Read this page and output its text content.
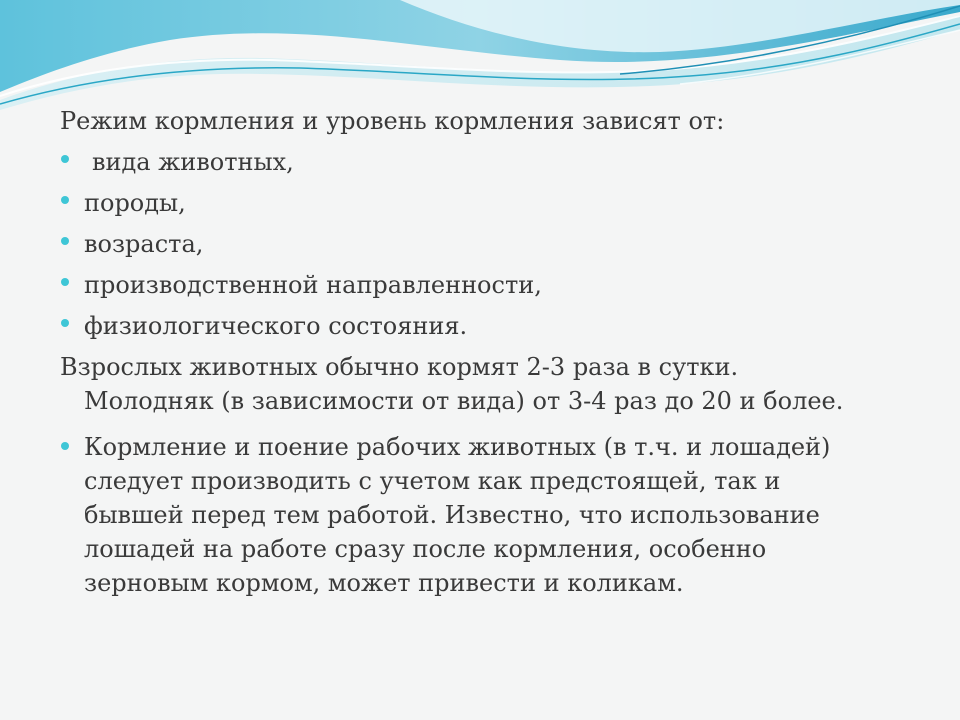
Режим кормления и уровень кормления зависят от:

вида животных,
породы,
возраста,
производственной направленности,
физиологического состояния.

Взрослых животных обычно кормят 2-3 раза в сутки.

Молодняк (в зависимости от вида) от 3-4 раз до 20 и более.

Кормление и поение рабочих животных (в т.ч. и лошадей)

следует производить с учетом как предстоящей, так и

бывшей перед тем работой. Известно, что использование

лошадей на работе сразу после кормления, особенно

зерновым кормом, может привести и коликам.
